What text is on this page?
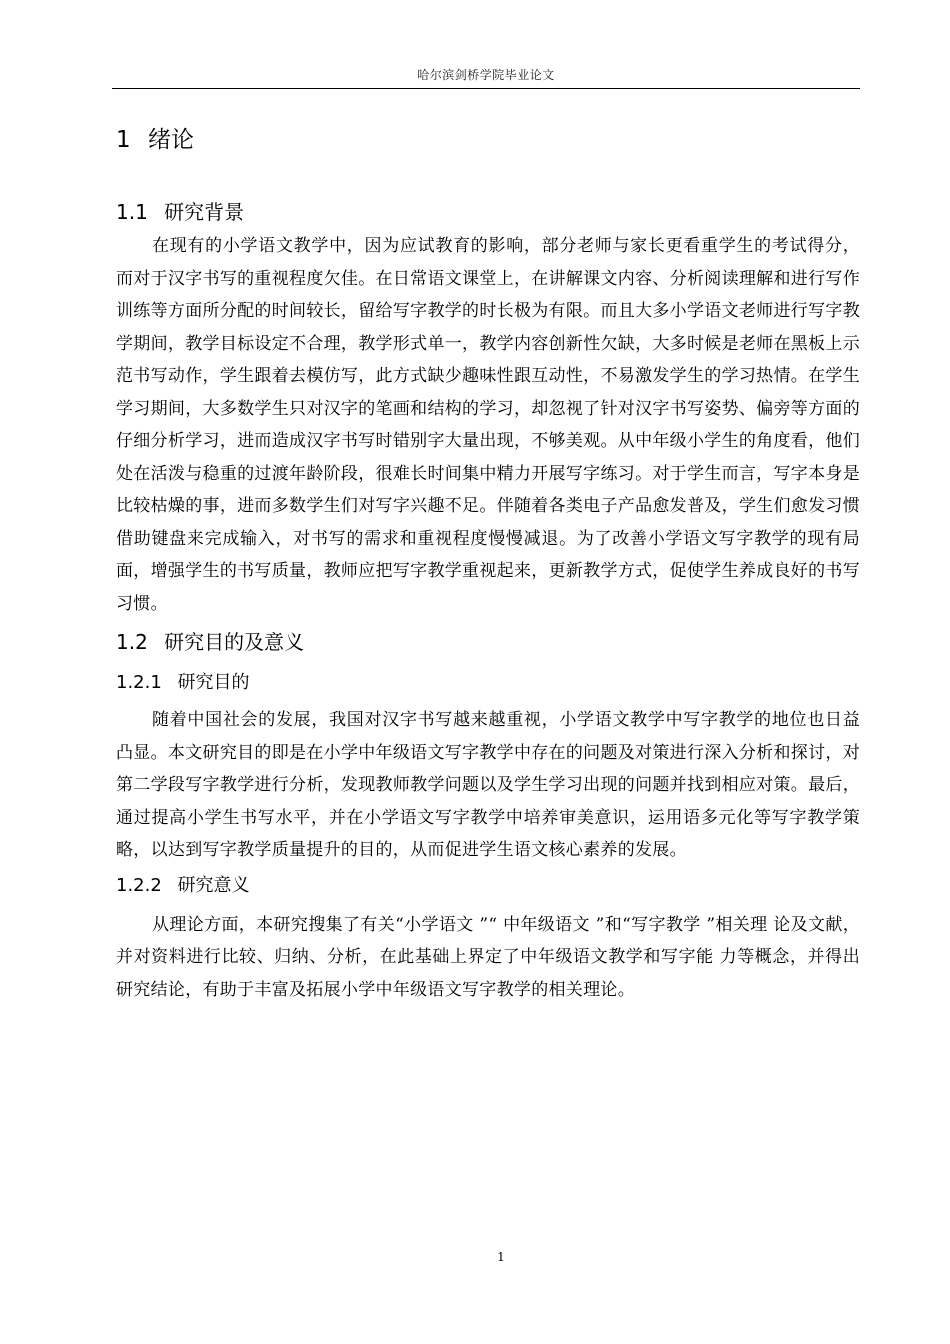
哈尔滨剑桥学院毕业论文
1 绪论
1.1 研究背景

在现有的小学语文教学中，因为应试教育的影响，部分老师与家长更看重学生的考试得分，而对于汉字书写的重视程度欠佳。在日常语文课堂上，在讲解课文内容、分析阅读理解和进行写作训练等方面所分配的时间较长，留给写字教学的时长极为有限。而且大多小学语文老师进行写字教学期间，教学目标设定不合理，教学形式单一，教学内容创新性欠缺，大多时候是老师在黑板上示范书写动作，学生跟着去模仿写，此方式缺少趣味性跟互动性，不易激发学生的学习热情。在学生学习期间，大多数学生只对汉字的笔画和结构的学习，却忽视了针对汉字书写姿势、偏旁等方面的仔细分析学习，进而造成汉字书写时错别字大量出现，不够美观。从中年级小学生的角度看，他们处在活泼与稳重的过渡年龄阶段，很难长时间集中精力开展写字练习。对于学生而言，写字本身是比较枯燥的事，进而多数学生们对写字兴趣不足。伴随着各类电子产品愈发普及，学生们愈发习惯借助键盘来完成输入，对书写的需求和重视程度慢慢减退。为了改善小学语文写字教学的现有局面，增强学生的书写质量，教师应把写字教学重视起来，更新教学方式，促使学生养成良好的书写习惯。

1.2 研究目的及意义
1.2.1 研究目的

随着中国社会的发展，我国对汉字书写越来越重视，小学语文教学中写字教学的地位也日益凸显。本文研究目的即是在小学中年级语文写字教学中存在的问题及对策进行深入分析和探讨，对第二学段写字教学进行分析，发现教师教学问题以及学生学习出现的问题并找到相应对策。最后，通过提高小学生书写水平，并在小学语文写字教学中培养审美意识，运用语多元化等写字教学策略，以达到写字教学质量提升的目的，从而促进学生语文核心素养的发展。

1.2.2 研究意义

从理论方面，本研究搜集了有关“小学语文 ”“ 中年级语文 ”和“写字教学 ”相关理 论及文献，并对资料进行比较、归纳、分析，在此基础上界定了中年级语文教学和写字能 力等概念，并得出研究结论，有助于丰富及拓展小学中年级语文写字教学的相关理论。

1
